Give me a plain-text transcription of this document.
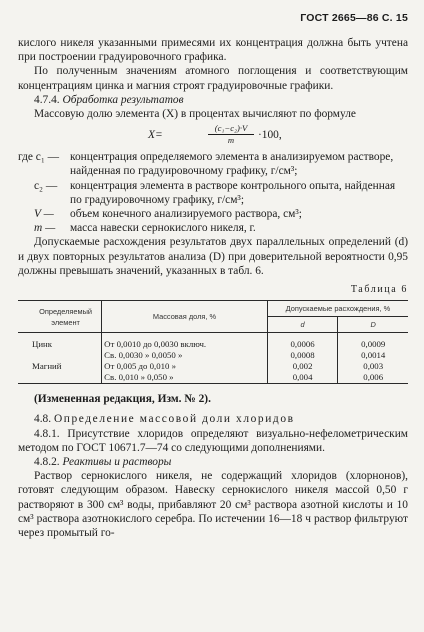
ГОСТ 2665—86 С. 15

кислого никеля указанными примесями их концентрация должна быть учтена при построении градуировочного графика.

По полученным значениям атомного поглощения и соответствующим концентрациям цинка и магния строят градуировочные графики.

4.7.4. Обработка результатов

Массовую долю элемента (X) в процентах вычисляют по формуле

X=	$\frac{\text{(c₁−c₂)·V}}{m} \cdot 100$,
где c₁ — концентрация определяемого элемента в анализируемом растворе, найденная по градуировочному графику, г/см³;
c₂ —	концентрация элемента в растворе контрольного опыта, найденная по градуировочному графику, г/см³;
V —	объем конечного анализируемого раствора, см³;
m —	масса навески сернокислого никеля, г.

Допускаемые расхождения результатов двух параллельных определений (d) и двух повторных результатов анализа (D) при доверительной вероятности 0,95 должны превышать значений, указанных в табл. 6.

Таблица 6
Определяемый элемент	Массовая доля, %	Допускаемые расхождения, %	
		d	D

Цинк	От 0,0010 до 0,0030 включ.	0,0006	0,0009
	Св. 0,0030 » 0,0050 »	0,0008	0,0014
Магний	От 0,005 до 0,010 »	0,002	0,003
	Св. 0,010 » 0,050 »	0,004	0,006

(Измененная редакция, Изм. № 2).

4.8. Определение массовой доли хлоридов

4.8.1. Присутствие хлоридов определяют визуально-нефелометрическим методом по ГОСТ 10671.7—74 со следующими дополнениями.

4.8.2. Реактивы и растворы

Раствор сернокислого никеля, не содержащий хлоридов (хлорнонов), готовят следующим образом. Навеску сернокислого никеля массой 0,50 г растворяют в 300 см³ воды, прибавляют 20 см³ раствора азотной кислоты и 10 см³ раствора азотнокислого серебра. По истечении 16—18 ч раствор фильтруют через промытый го-
